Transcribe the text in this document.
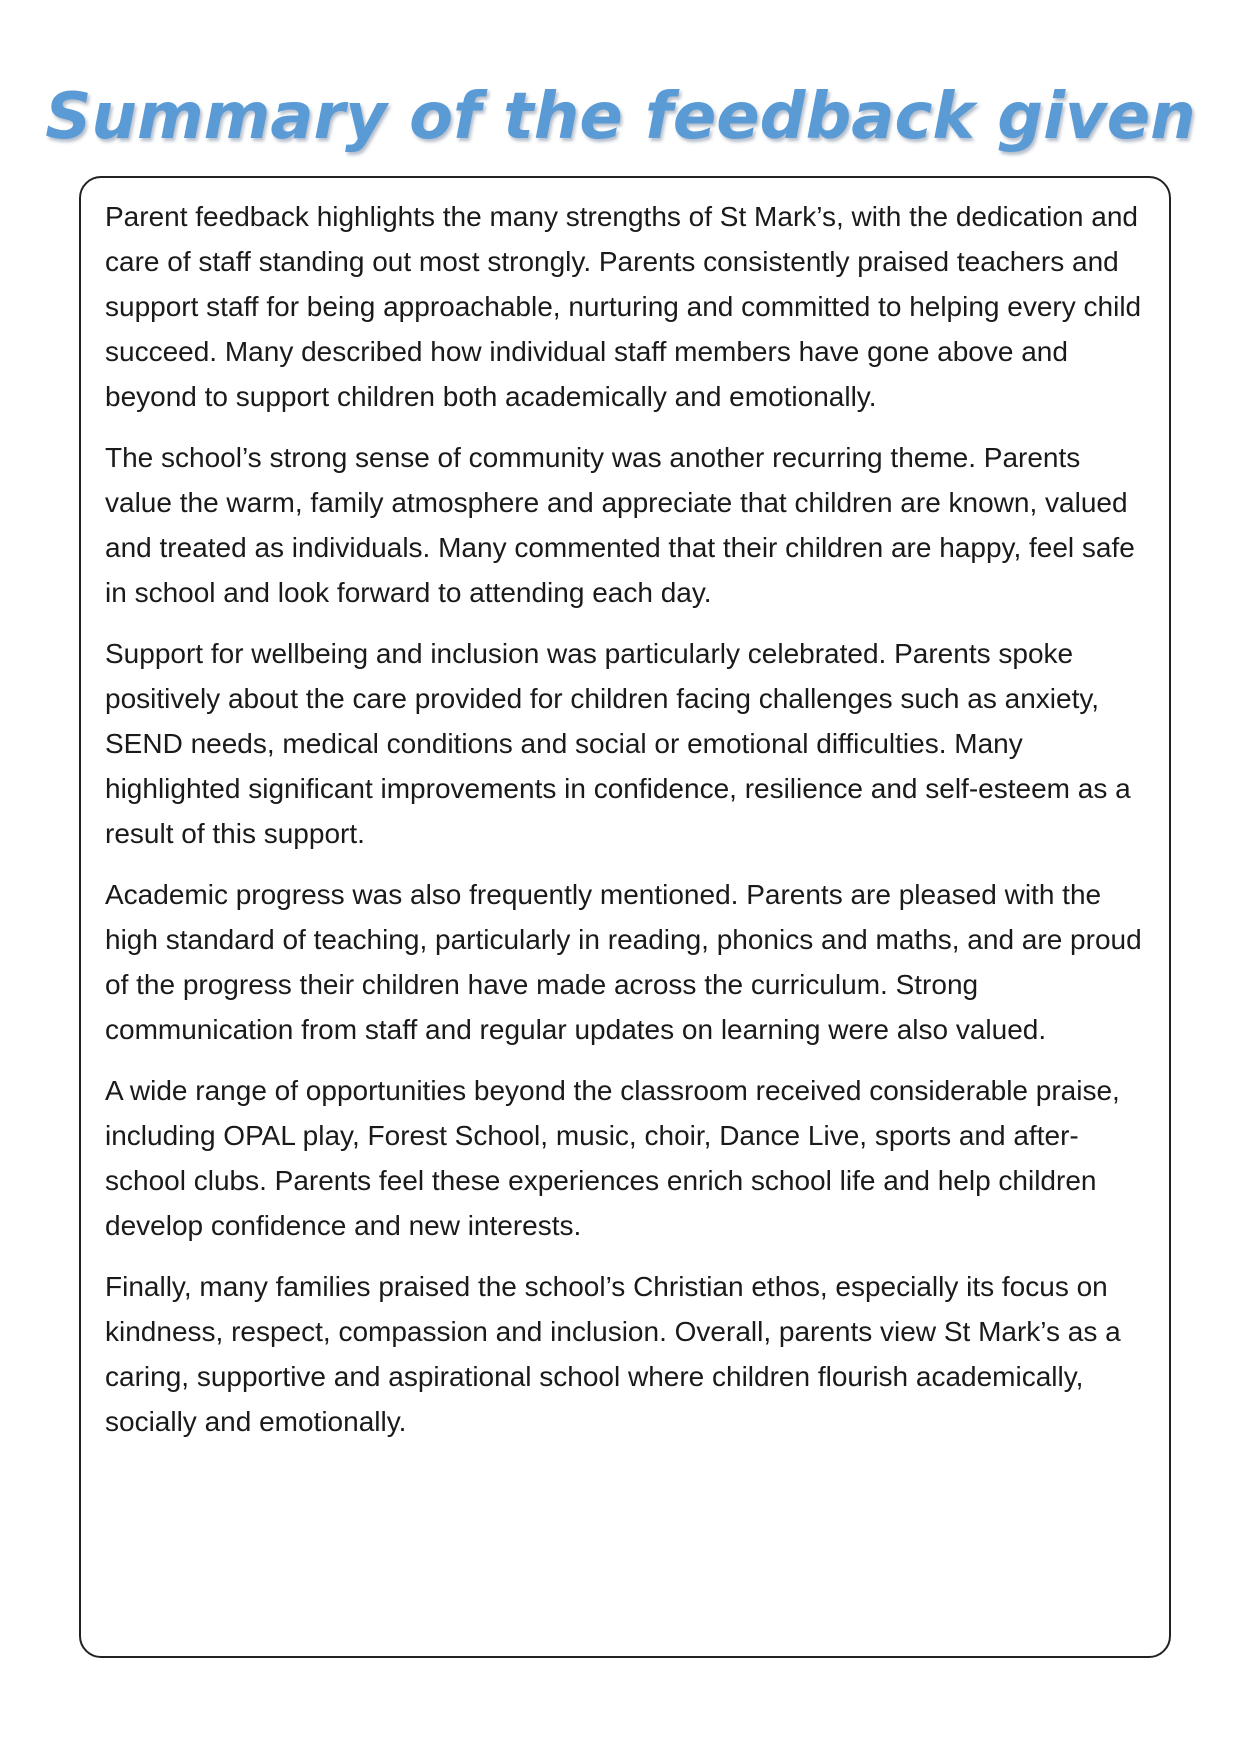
Summary of the feedback given

Parent feedback highlights the many strengths of St Mark’s, with the dedication and care of staff standing out most strongly. Parents consistently praised teachers and support staff for being approachable, nurturing and committed to helping every child succeed. Many described how individual staff members have gone above and beyond to support children both academically and emotionally.

The school’s strong sense of community was another recurring theme. Parents value the warm, family atmosphere and appreciate that children are known, valued and treated as individuals. Many commented that their children are happy, feel safe in school and look forward to attending each day.

Support for wellbeing and inclusion was particularly celebrated. Parents spoke positively about the care provided for children facing challenges such as anxiety, SEND needs, medical conditions and social or emotional difficulties. Many highlighted significant improvements in confidence, resilience and self-esteem as a result of this support.

Academic progress was also frequently mentioned. Parents are pleased with the high standard of teaching, particularly in reading, phonics and maths, and are proud of the progress their children have made across the curriculum. Strong communication from staff and regular updates on learning were also valued.

A wide range of opportunities beyond the classroom received considerable praise, including OPAL play, Forest School, music, choir, Dance Live, sports and after-school clubs. Parents feel these experiences enrich school life and help children develop confidence and new interests.

Finally, many families praised the school’s Christian ethos, especially its focus on kindness, respect, compassion and inclusion. Overall, parents view St Mark’s as a caring, supportive and aspirational school where children flourish academically, socially and emotionally.
